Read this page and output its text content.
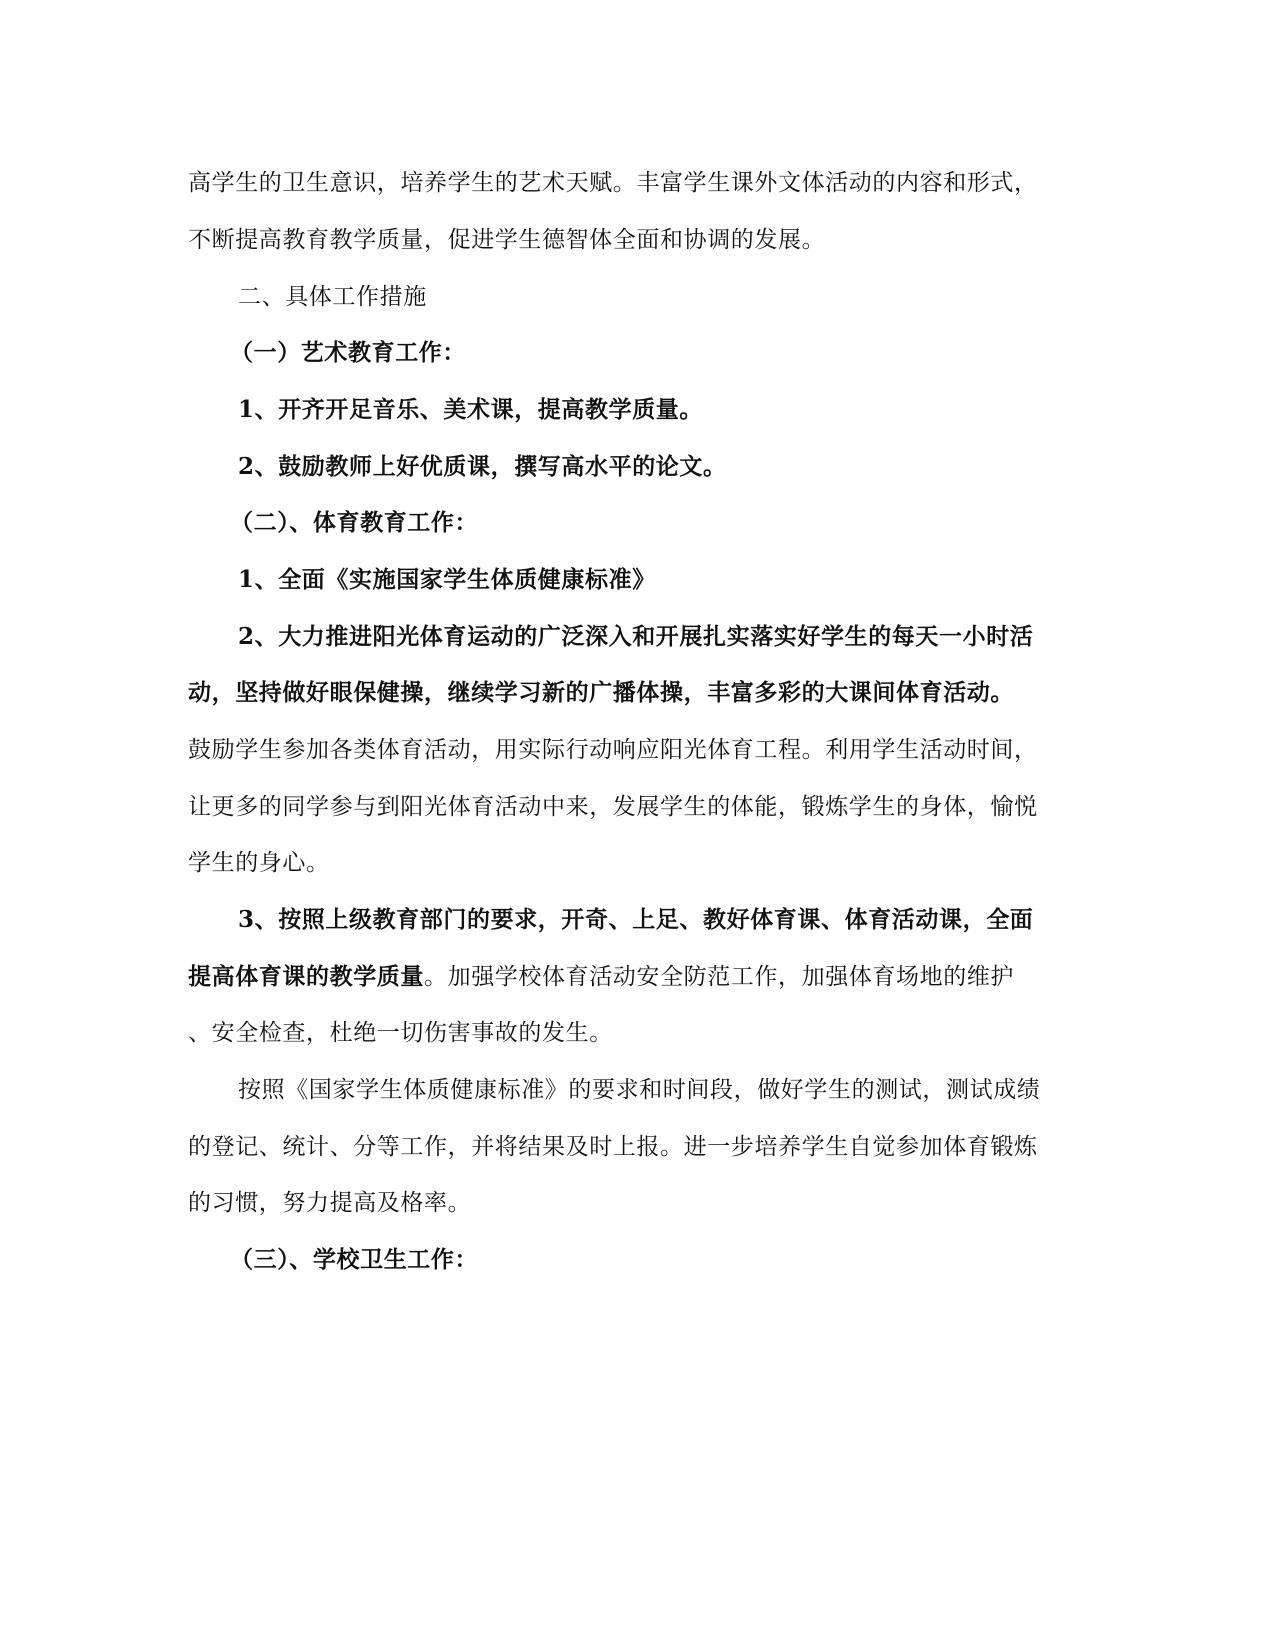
高学生的卫生意识，培养学生的艺术天赋。丰富学生课外文体活动的内容和形式，
不断提高教育教学质量，促进学生德智体全面和协调的发展。
二、具体工作措施
（一）艺术教育工作：
1、开齐开足音乐、美术课，提高教学质量。
2、鼓励教师上好优质课，撰写高水平的论文。
（二）、体育教育工作：
1、全面《实施国家学生体质健康标准》
2、大力推进阳光体育运动的广泛深入和开展扎实落实好学生的每天一小时活
动，坚持做好眼保健操，继续学习新的广播体操，丰富多彩的大课间体育活动。
鼓励学生参加各类体育活动，用实际行动响应阳光体育工程。利用学生活动时间，
让更多的同学参与到阳光体育活动中来，发展学生的体能，锻炼学生的身体，愉悦
学生的身心。
3、按照上级教育部门的要求，开奇、上足、教好体育课、体育活动课，全面
提高体育课的教学质量。加强学校体育活动安全防范工作，加强体育场地的维护
、安全检查，杜绝一切伤害事故的发生。
按照《国家学生体质健康标准》的要求和时间段，做好学生的测试，测试成绩
的登记、统计、分等工作，并将结果及时上报。进一步培养学生自觉参加体育锻炼
的习惯，努力提高及格率。
（三）、学校卫生工作：
